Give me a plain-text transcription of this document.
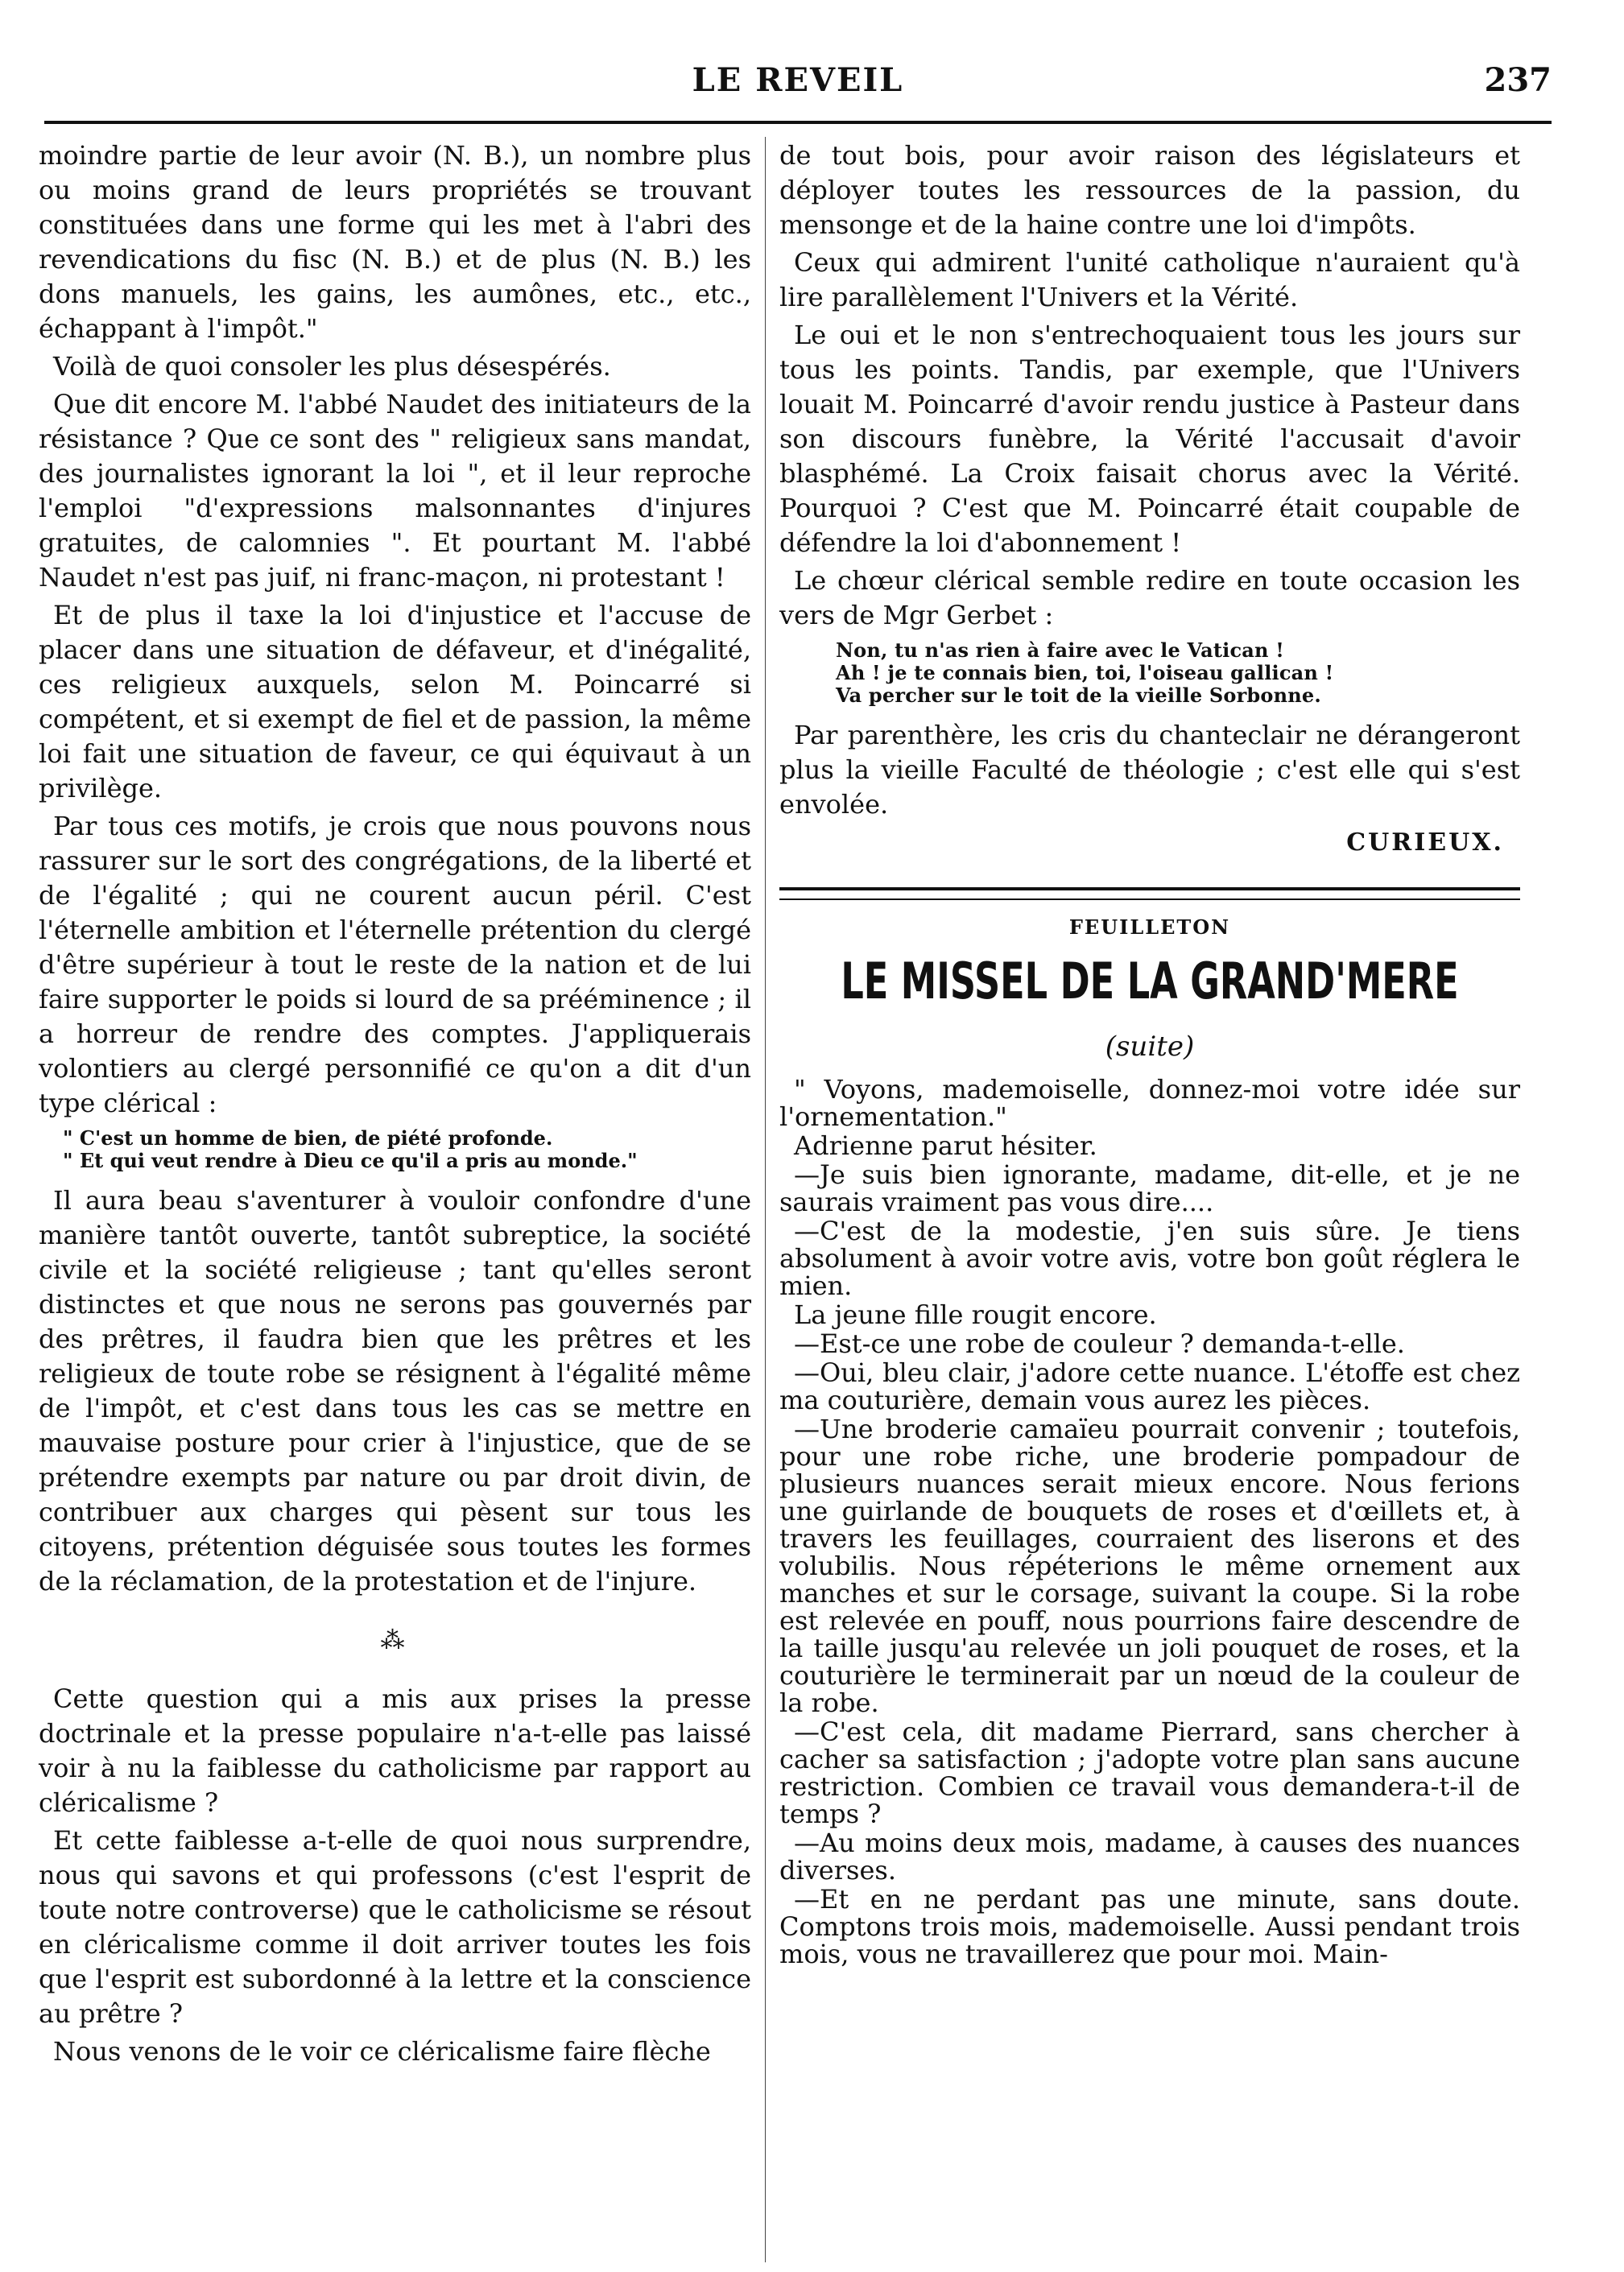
LE REVEIL	237

moindre partie de leur avoir (N. B.), un nombre plus ou moins grand de leurs propriétés se trouvant constituées dans une forme qui les met à l'abri des revendications du fisc (N. B.) et de plus (N. B.) les dons manuels, les gains, les aumônes, etc., etc., échappant à l'impôt."

Voilà de quoi consoler les plus désespérés.

Que dit encore M. l'abbé Naudet des initiateurs de la résistance ? Que ce sont des " religieux sans mandat, des journalistes ignorant la loi ", et il leur reproche l'emploi "d'expressions malsonnantes d'injures gratuites, de calomnies ". Et pourtant M. l'abbé Naudet n'est pas juif, ni franc-maçon, ni protestant !

Et de plus il taxe la loi d'injustice et l'accuse de placer dans une situation de défaveur, et d'inégalité, ces religieux auxquels, selon M. Poincarré si compétent, et si exempt de fiel et de passion, la même loi fait une situation de faveur, ce qui équivaut à un privilège.

Par tous ces motifs, je crois que nous pouvons nous rassurer sur le sort des congrégations, de la liberté et de l'égalité ; qui ne courent aucun péril. C'est l'éternelle ambition et l'éternelle prétention du clergé d'être supérieur à tout le reste de la nation et de lui faire supporter le poids si lourd de sa prééminence ; il a horreur de rendre des comptes. J'appliquerais volontiers au clergé personnifié ce qu'on a dit d'un type clérical :

" C'est un homme de bien, de piété profonde.
" Et qui veut rendre à Dieu ce qu'il a pris au monde."

Il aura beau s'aventurer à vouloir confondre d'une manière tantôt ouverte, tantôt subreptice, la société civile et la société religieuse ; tant qu'elles seront distinctes et que nous ne serons pas gouvernés par des prêtres, il faudra bien que les prêtres et les religieux de toute robe se résignent à l'égalité même de l'impôt, et c'est dans tous les cas se mettre en mauvaise posture pour crier à l'injustice, que de se prétendre exempts par nature ou par droit divin, de contribuer aux charges qui pèsent sur tous les citoyens, prétention déguisée sous toutes les formes de la réclamation, de la protestation et de l'injure.

⁂

Cette question qui a mis aux prises la presse doctrinale et la presse populaire n'a-t-elle pas laissé voir à nu la faiblesse du catholicisme par rapport au cléricalisme ?

Et cette faiblesse a-t-elle de quoi nous surprendre, nous qui savons et qui professons (c'est l'esprit de toute notre controverse) que le catholicisme se résout en cléricalisme comme il doit arriver toutes les fois que l'esprit est subordonné à la lettre et la conscience au prêtre ?

Nous venons de le voir ce cléricalisme faire flèche

de tout bois, pour avoir raison des législateurs et déployer toutes les ressources de la passion, du mensonge et de la haine contre une loi d'impôts.

Ceux qui admirent l'unité catholique n'auraient qu'à lire parallèlement l'Univers et la Vérité.

Le oui et le non s'entrechoquaient tous les jours sur tous les points. Tandis, par exemple, que l'Univers louait M. Poincarré d'avoir rendu justice à Pasteur dans son discours funèbre, la Vérité l'accusait d'avoir blasphémé. La Croix faisait chorus avec la Vérité. Pourquoi ? C'est que M. Poincarré était coupable de défendre la loi d'abonnement !

Le chœur clérical semble redire en toute occasion les vers de Mgr Gerbet :

Non, tu n'as rien à faire avec le Vatican !
Ah ! je te connais bien, toi, l'oiseau gallican !
Va percher sur le toit de la vieille Sorbonne.

Par parenthère, les cris du chanteclair ne dérangeront plus la vieille Faculté de théologie ; c'est elle qui s'est envolée.

CURIEUX.
FEUILLETON
LE MISSEL DE LA GRAND'MERE
(suite)

" Voyons, mademoiselle, donnez-moi votre idée sur l'ornementation."

Adrienne parut hésiter.

—Je suis bien ignorante, madame, dit-elle, et je ne saurais vraiment pas vous dire....

—C'est de la modestie, j'en suis sûre. Je tiens absolument à avoir votre avis, votre bon goût réglera le mien.

La jeune fille rougit encore.

—Est-ce une robe de couleur ? demanda-t-elle.

—Oui, bleu clair, j'adore cette nuance. L'étoffe est chez ma couturière, demain vous aurez les pièces.

—Une broderie camaïeu pourrait convenir ; toutefois, pour une robe riche, une broderie pompadour de plusieurs nuances serait mieux encore. Nous ferions une guirlande de bouquets de roses et d'œillets et, à travers les feuillages, courraient des liserons et des volubilis. Nous répéterions le même ornement aux manches et sur le corsage, suivant la coupe. Si la robe est relevée en pouff, nous pourrions faire descendre de la taille jusqu'au relevée un joli pouquet de roses, et la couturière le terminerait par un nœud de la couleur de la robe.

—C'est cela, dit madame Pierrard, sans chercher à cacher sa satisfaction ; j'adopte votre plan sans aucune restriction. Combien ce travail vous demandera-t-il de temps ?

—Au moins deux mois, madame, à causes des nuances diverses.

—Et en ne perdant pas une minute, sans doute. Comptons trois mois, mademoiselle. Aussi pendant trois mois, vous ne travaillerez que pour moi. Main-
